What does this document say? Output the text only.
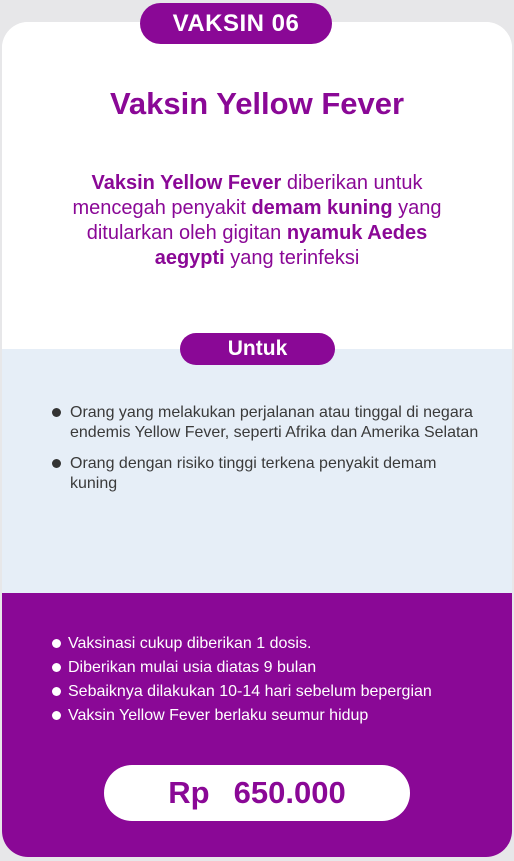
VAKSIN 06
Vaksin Yellow Fever
Vaksin Yellow Fever diberikan untuk mencegah penyakit demam kuning yang ditularkan oleh gigitan nyamuk Aedes aegypti yang terinfeksi
Untuk
Orang yang melakukan perjalanan atau tinggal di negara endemis Yellow Fever, seperti Afrika dan Amerika Selatan
Orang dengan risiko tinggi terkena penyakit demam kuning
Vaksinasi cukup diberikan 1 dosis.
Diberikan mulai usia diatas 9 bulan
Sebaiknya dilakukan 10-14 hari sebelum bepergian
Vaksin Yellow Fever berlaku seumur hidup
Rp 650.000
